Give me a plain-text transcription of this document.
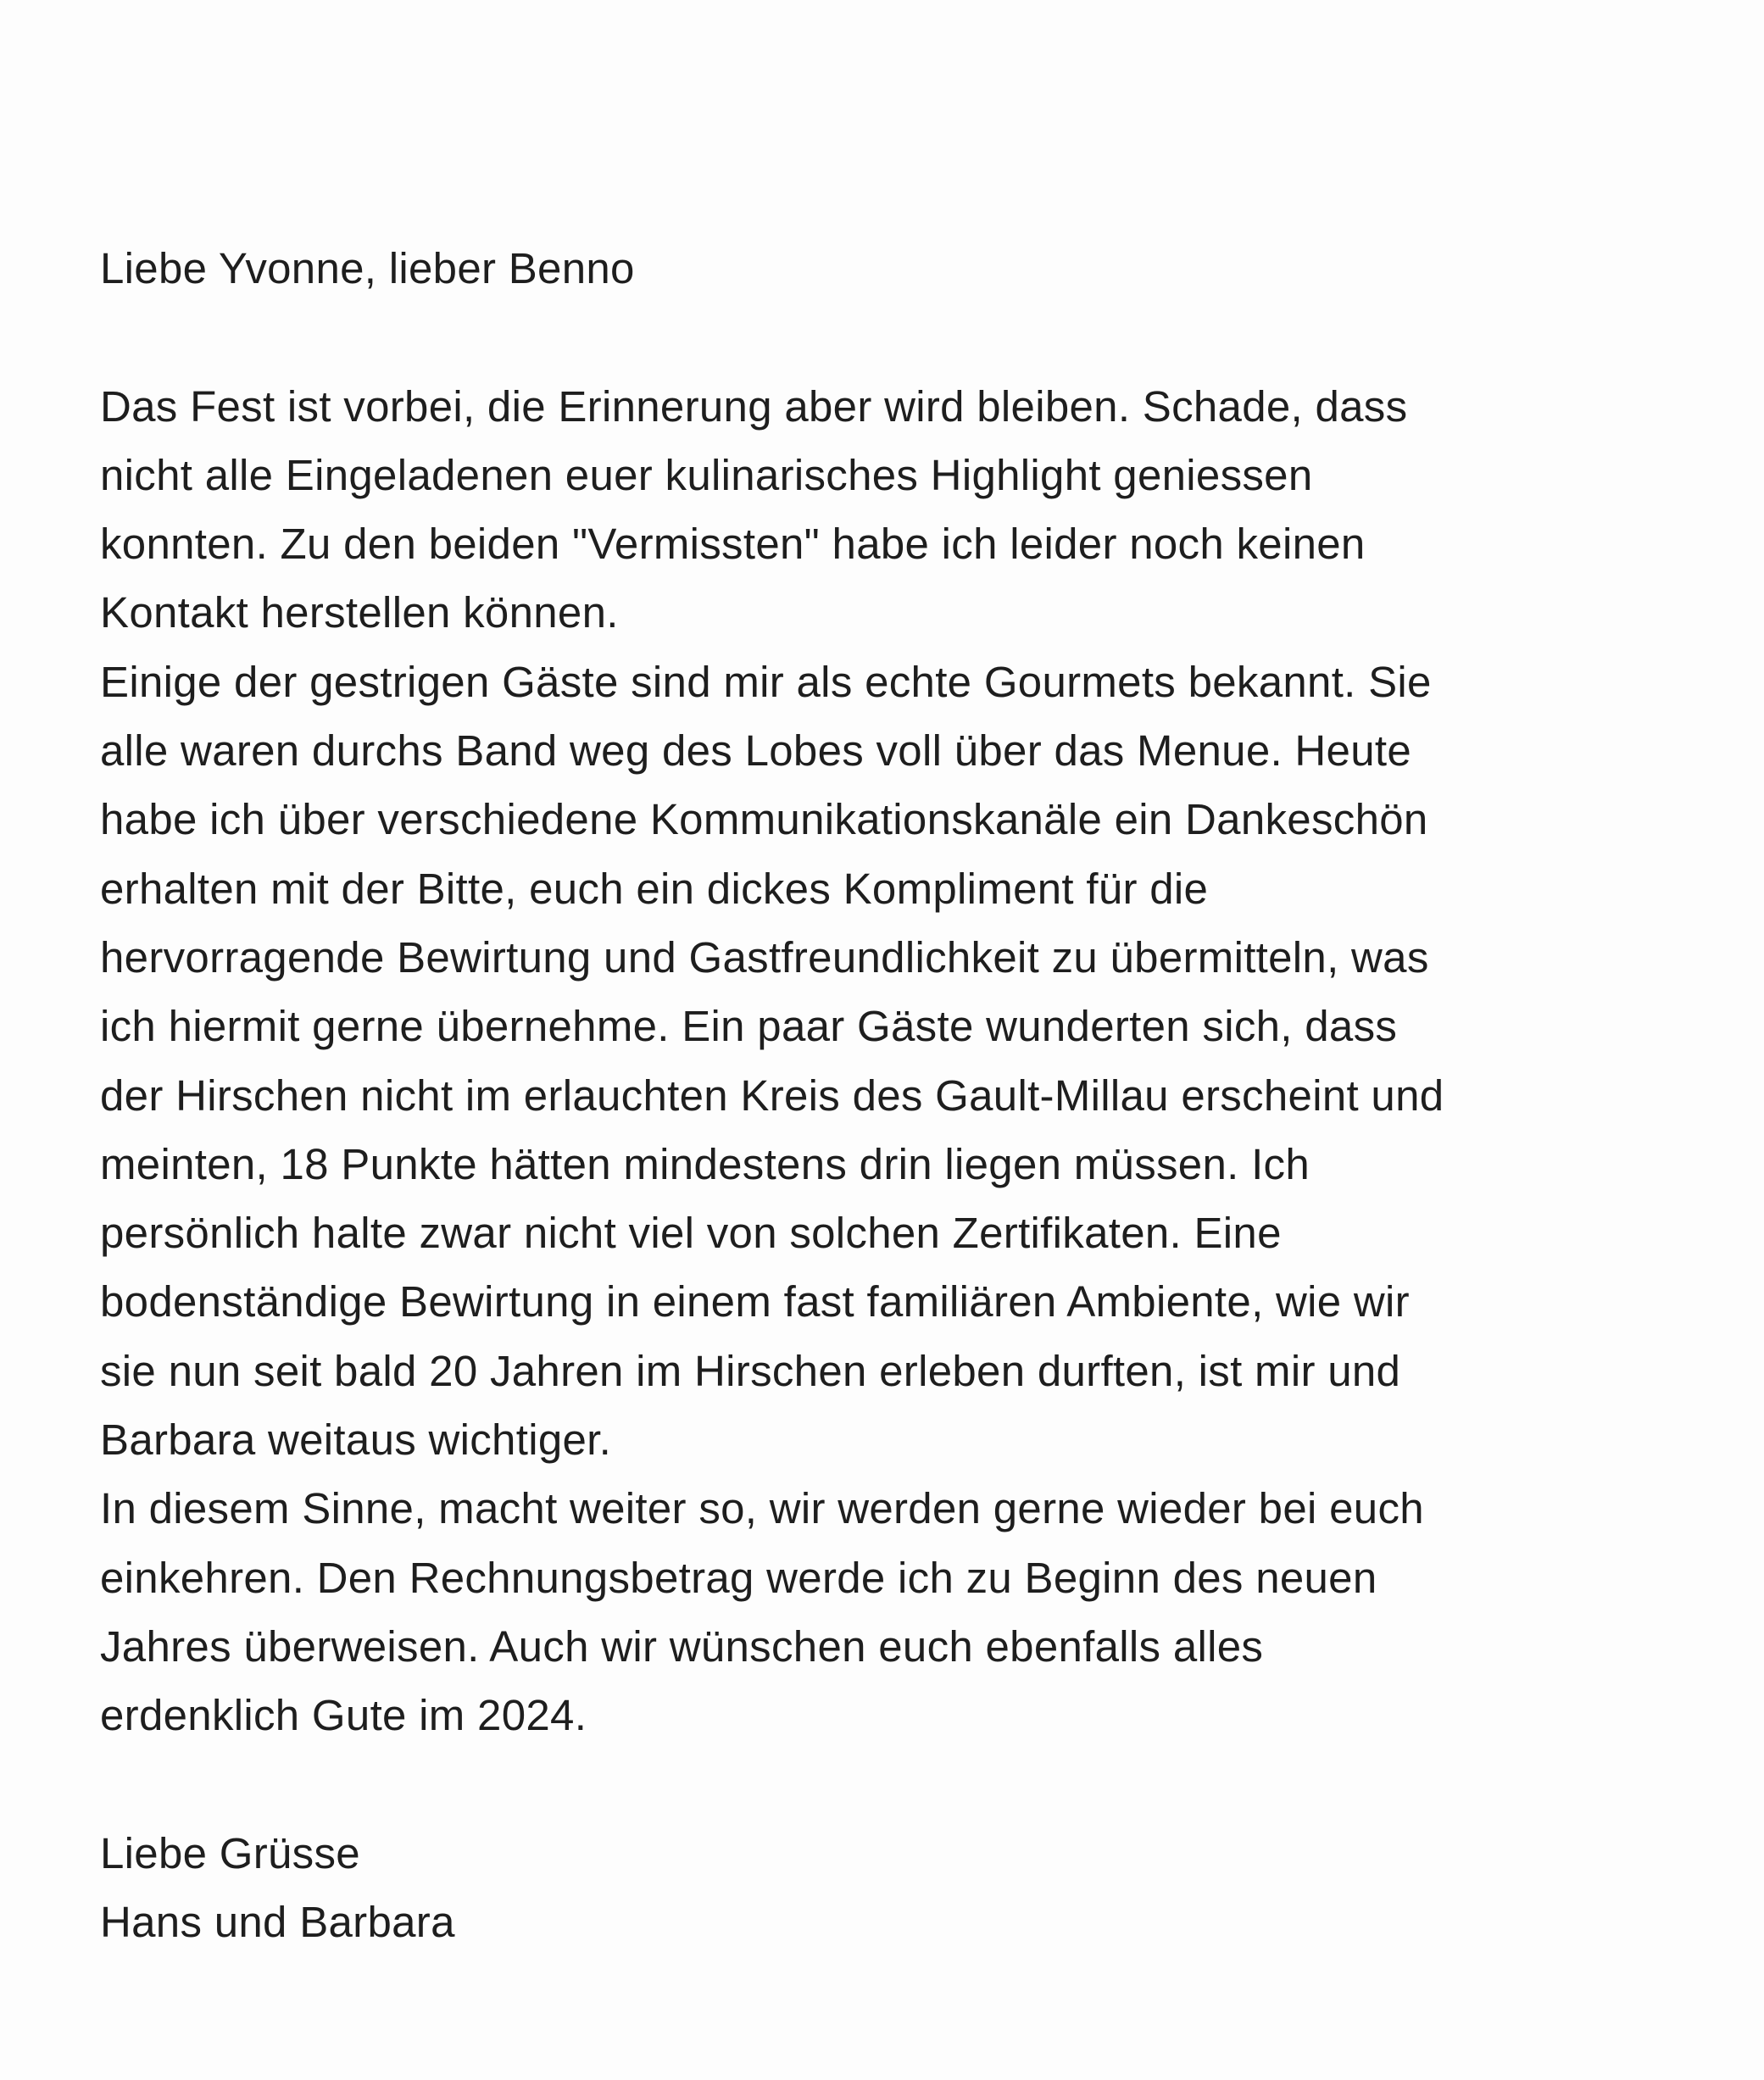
Liebe Yvonne, lieber Benno
Das Fest ist vorbei, die Erinnerung aber wird bleiben. Schade, dass
nicht alle Eingeladenen euer kulinarisches Highlight geniessen
konnten. Zu den beiden "Vermissten" habe ich leider noch keinen
Kontakt herstellen können.
Einige der gestrigen Gäste sind mir als echte Gourmets bekannt. Sie
alle waren durchs Band weg des Lobes voll über das Menue. Heute
habe ich über verschiedene Kommunikationskanäle ein Dankeschön
erhalten mit der Bitte, euch ein dickes Kompliment für die
hervorragende Bewirtung und Gastfreundlichkeit zu übermitteln, was
ich hiermit gerne übernehme. Ein paar Gäste wunderten sich, dass
der Hirschen nicht im erlauchten Kreis des Gault-Millau erscheint und
meinten, 18 Punkte hätten mindestens drin liegen müssen. Ich
persönlich halte zwar nicht viel von solchen Zertifikaten. Eine
bodenständige Bewirtung in einem fast familiären Ambiente, wie wir
sie nun seit bald 20 Jahren im Hirschen erleben durften, ist mir und
Barbara weitaus wichtiger.
In diesem Sinne, macht weiter so, wir werden gerne wieder bei euch
einkehren. Den Rechnungsbetrag werde ich zu Beginn des neuen
Jahres überweisen. Auch wir wünschen euch ebenfalls alles
erdenklich Gute im 2024.
Liebe Grüsse
Hans und Barbara
